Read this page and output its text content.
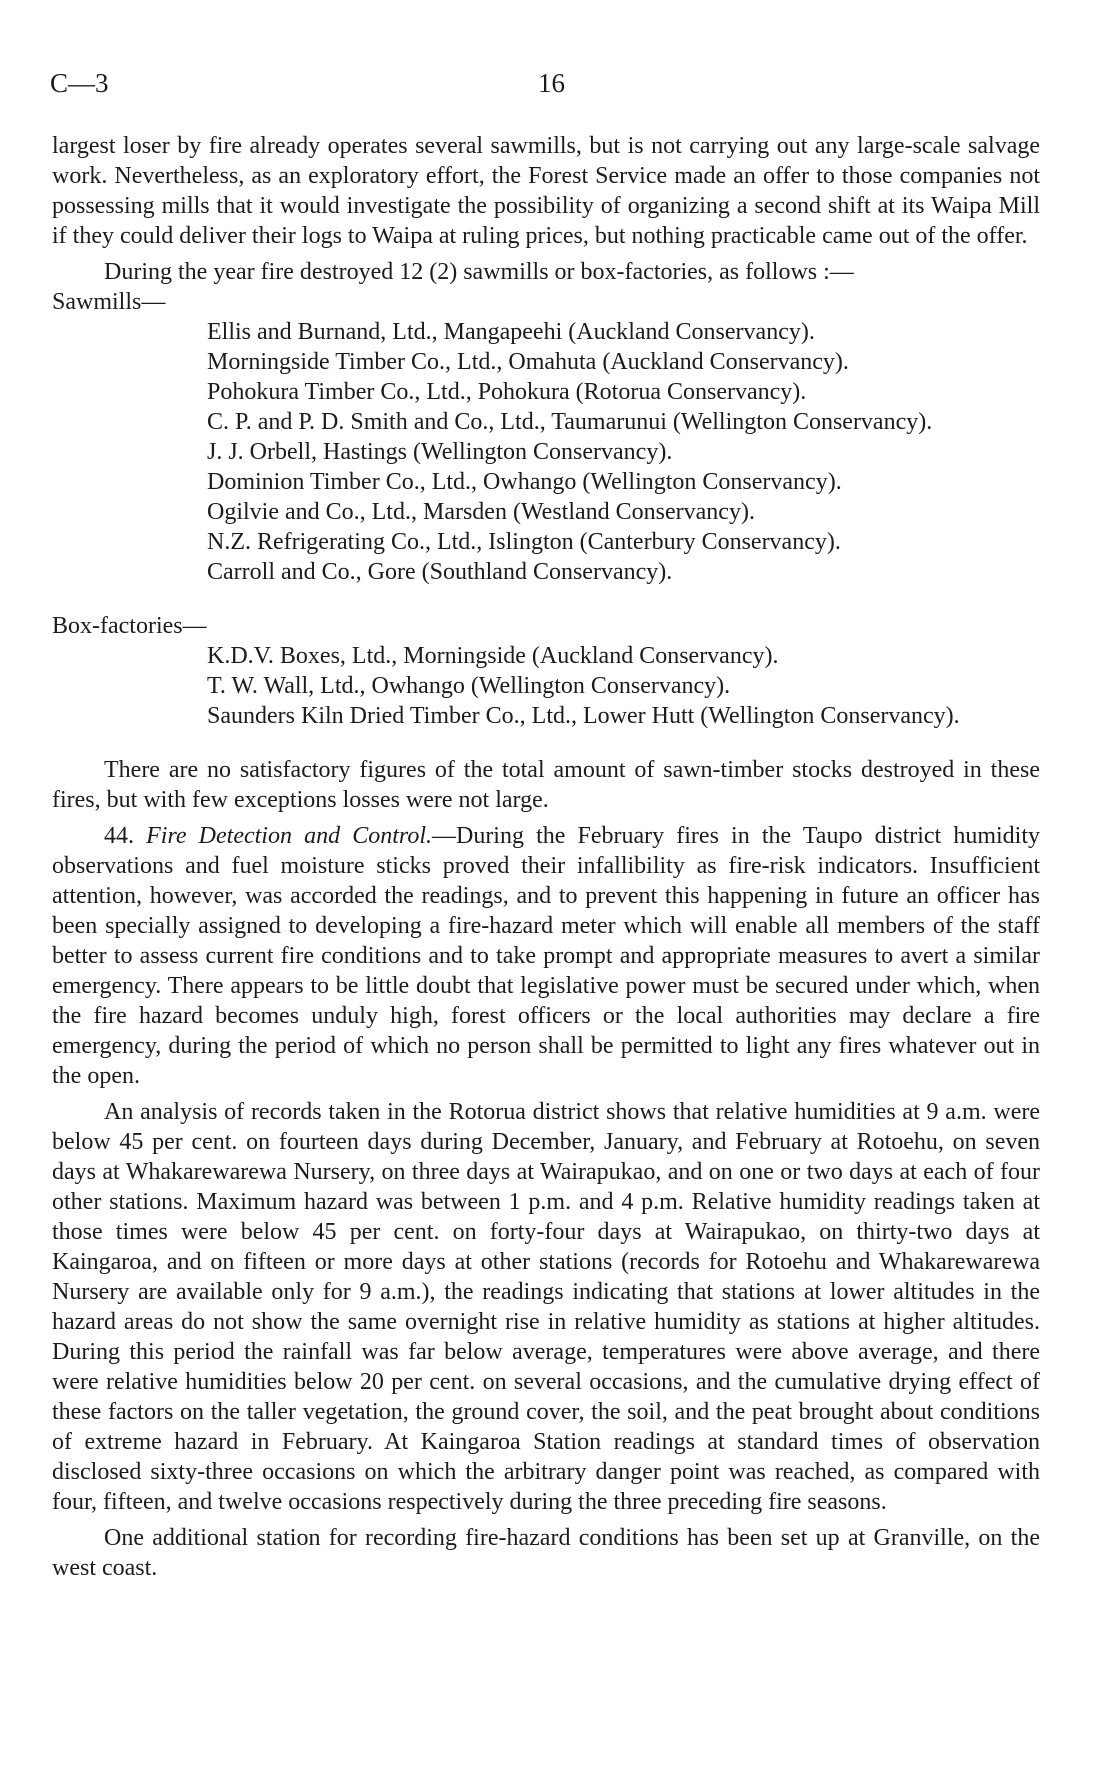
C—3	16

largest loser by fire already operates several sawmills, but is not carrying out any large-scale salvage work. Nevertheless, as an exploratory effort, the Forest Service made an offer to those companies not possessing mills that it would investigate the possibility of organizing a second shift at its Waipa Mill if they could deliver their logs to Waipa at ruling prices, but nothing practicable came out of the offer.

During the year fire destroyed 12 (2) sawmills or box-factories, as follows :—

Sawmills—

Ellis and Burnand, Ltd., Mangapeehi (Auckland Conservancy).
Morningside Timber Co., Ltd., Omahuta (Auckland Conservancy).
Pohokura Timber Co., Ltd., Pohokura (Rotorua Conservancy).
C. P. and P. D. Smith and Co., Ltd., Taumarunui (Wellington Conservancy).
J. J. Orbell, Hastings (Wellington Conservancy).
Dominion Timber Co., Ltd., Owhango (Wellington Conservancy).
Ogilvie and Co., Ltd., Marsden (Westland Conservancy).
N.Z. Refrigerating Co., Ltd., Islington (Canterbury Conservancy).
Carroll and Co., Gore (Southland Conservancy).

Box-factories—

K.D.V. Boxes, Ltd., Morningside (Auckland Conservancy).
T. W. Wall, Ltd., Owhango (Wellington Conservancy).
Saunders Kiln Dried Timber Co., Ltd., Lower Hutt (Wellington Conservancy).

There are no satisfactory figures of the total amount of sawn-timber stocks destroyed in these fires, but with few exceptions losses were not large.

44. Fire Detection and Control.—During the February fires in the Taupo district humidity observations and fuel moisture sticks proved their infallibility as fire-risk indicators. Insufficient attention, however, was accorded the readings, and to prevent this happening in future an officer has been specially assigned to developing a fire-hazard meter which will enable all members of the staff better to assess current fire conditions and to take prompt and appropriate measures to avert a similar emergency. There appears to be little doubt that legislative power must be secured under which, when the fire hazard becomes unduly high, forest officers or the local authorities may declare a fire emergency, during the period of which no person shall be permitted to light any fires whatever out in the open.

An analysis of records taken in the Rotorua district shows that relative humidities at 9 a.m. were below 45 per cent. on fourteen days during December, January, and February at Rotoehu, on seven days at Whakarewarewa Nursery, on three days at Wairapukao, and on one or two days at each of four other stations. Maximum hazard was between 1 p.m. and 4 p.m. Relative humidity readings taken at those times were below 45 per cent. on forty-four days at Wairapukao, on thirty-two days at Kaingaroa, and on fifteen or more days at other stations (records for Rotoehu and Whakarewarewa Nursery are available only for 9 a.m.), the readings indicating that stations at lower altitudes in the hazard areas do not show the same overnight rise in relative humidity as stations at higher altitudes. During this period the rainfall was far below average, temperatures were above average, and there were relative humidities below 20 per cent. on several occasions, and the cumulative drying effect of these factors on the taller vegetation, the ground cover, the soil, and the peat brought about conditions of extreme hazard in February. At Kaingaroa Station readings at standard times of observation disclosed sixty-three occasions on which the arbitrary danger point was reached, as compared with four, fifteen, and twelve occasions respectively during the three preceding fire seasons.

One additional station for recording fire-hazard conditions has been set up at Granville, on the west coast.
